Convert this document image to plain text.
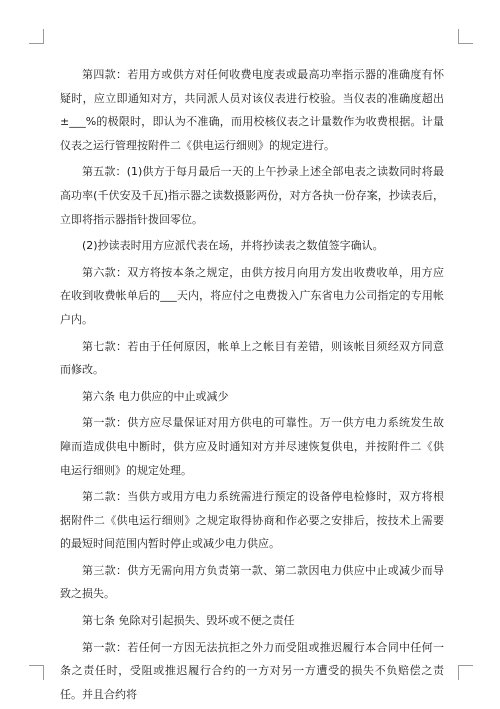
第四款：若用方或供方对任何收费电度表或最高功率指示器的准确度有怀疑时，应立即通知对方，共同派人员对该仪表进行校验。当仪表的准确度超出±___%的极限时，即认为不准确，而用校核仪表之计量数作为收费根据。计量仪表之运行管理按附件二《供电运行细则》的规定进行。

第五款：(1)供方于每月最后一天的上午抄录上述全部电表之读数同时将最高功率(千伏安及千瓦)指示器之读数摄影两份，对方各执一份存案，抄读表后，立即将指示器指针拨回零位。

(2)抄读表时用方应派代表在场，并将抄读表之数值签字确认。

第六款：双方将按本条之规定，由供方按月向用方发出收费收单，用方应在收到收费帐单后的___天内，将应付之电费拨入广东省电力公司指定的专用帐户内。

第七款：若由于任何原因，帐单上之帐目有差错，则该帐目须经双方同意而修改。

第六条 电力供应的中止或减少

第一款：供方应尽量保证对用方供电的可靠性。万一供方电力系统发生故障而造成供电中断时，供方应及时通知对方并尽速恢复供电，并按附件二《供电运行细则》的规定处理。

第二款：当供方或用方电力系统需进行预定的设备停电检修时，双方将根据附件二《供电运行细则》之规定取得协商和作必要之安排后，按技术上需要的最短时间范围内暂时停止或减少电力供应。

第三款：供方无需向用方负责第一款、第二款因电力供应中止或减少而导致之损失。

第七条 免除对引起损失、毁坏或不便之责任

第一款：若任何一方因无法抗拒之外力而受阻或推迟履行本合同中任何一条之责任时，受阻或推迟履行合约的一方对另一方遭受的损失不负赔偿之责任。并且合约将
